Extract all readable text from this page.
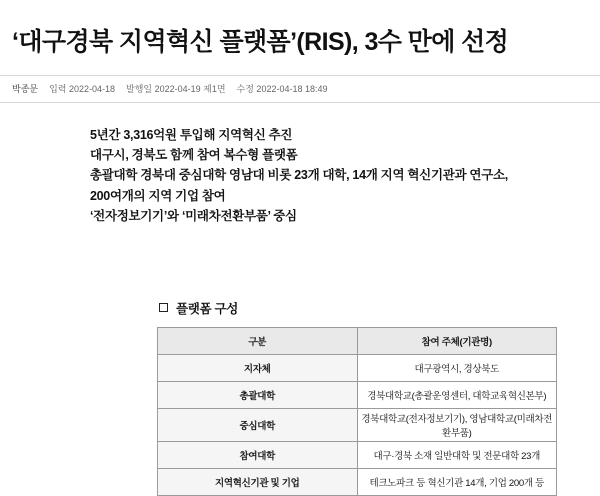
‘대구경북 지역혁신 플랫폼’(RIS), 3수 만에 선정
박종문 입력 2022-04-18 발행일 2022-04-19 제1면 수정 2022-04-18 18:49
5년간 3,316억원 투입해 지역혁신 추진
대구시, 경북도 함께 참여 복수형 플랫폼
총괄대학 경북대 중심대학 영남대 비롯 23개 대학, 14개 지역 혁신기관과 연구소,
200여개의 지역 기업 참여
‘전자정보기기’와 ‘미래차전환부품’ 중심
플랫폼 구성
구분	참여 주체(기관명)
지자체	대구광역시, 경상북도
총괄대학	경북대학교(총괄운영센터, 대학교육혁신본부)
중심대학	경북대학교(전자정보기기), 영남대학교(미래차전환부품)
참여대학	대구·경북 소재 일반대학 및 전문대학 23개
지역혁신기관 및 기업	테크노파크 등 혁신기관 14개, 기업 200개 등
